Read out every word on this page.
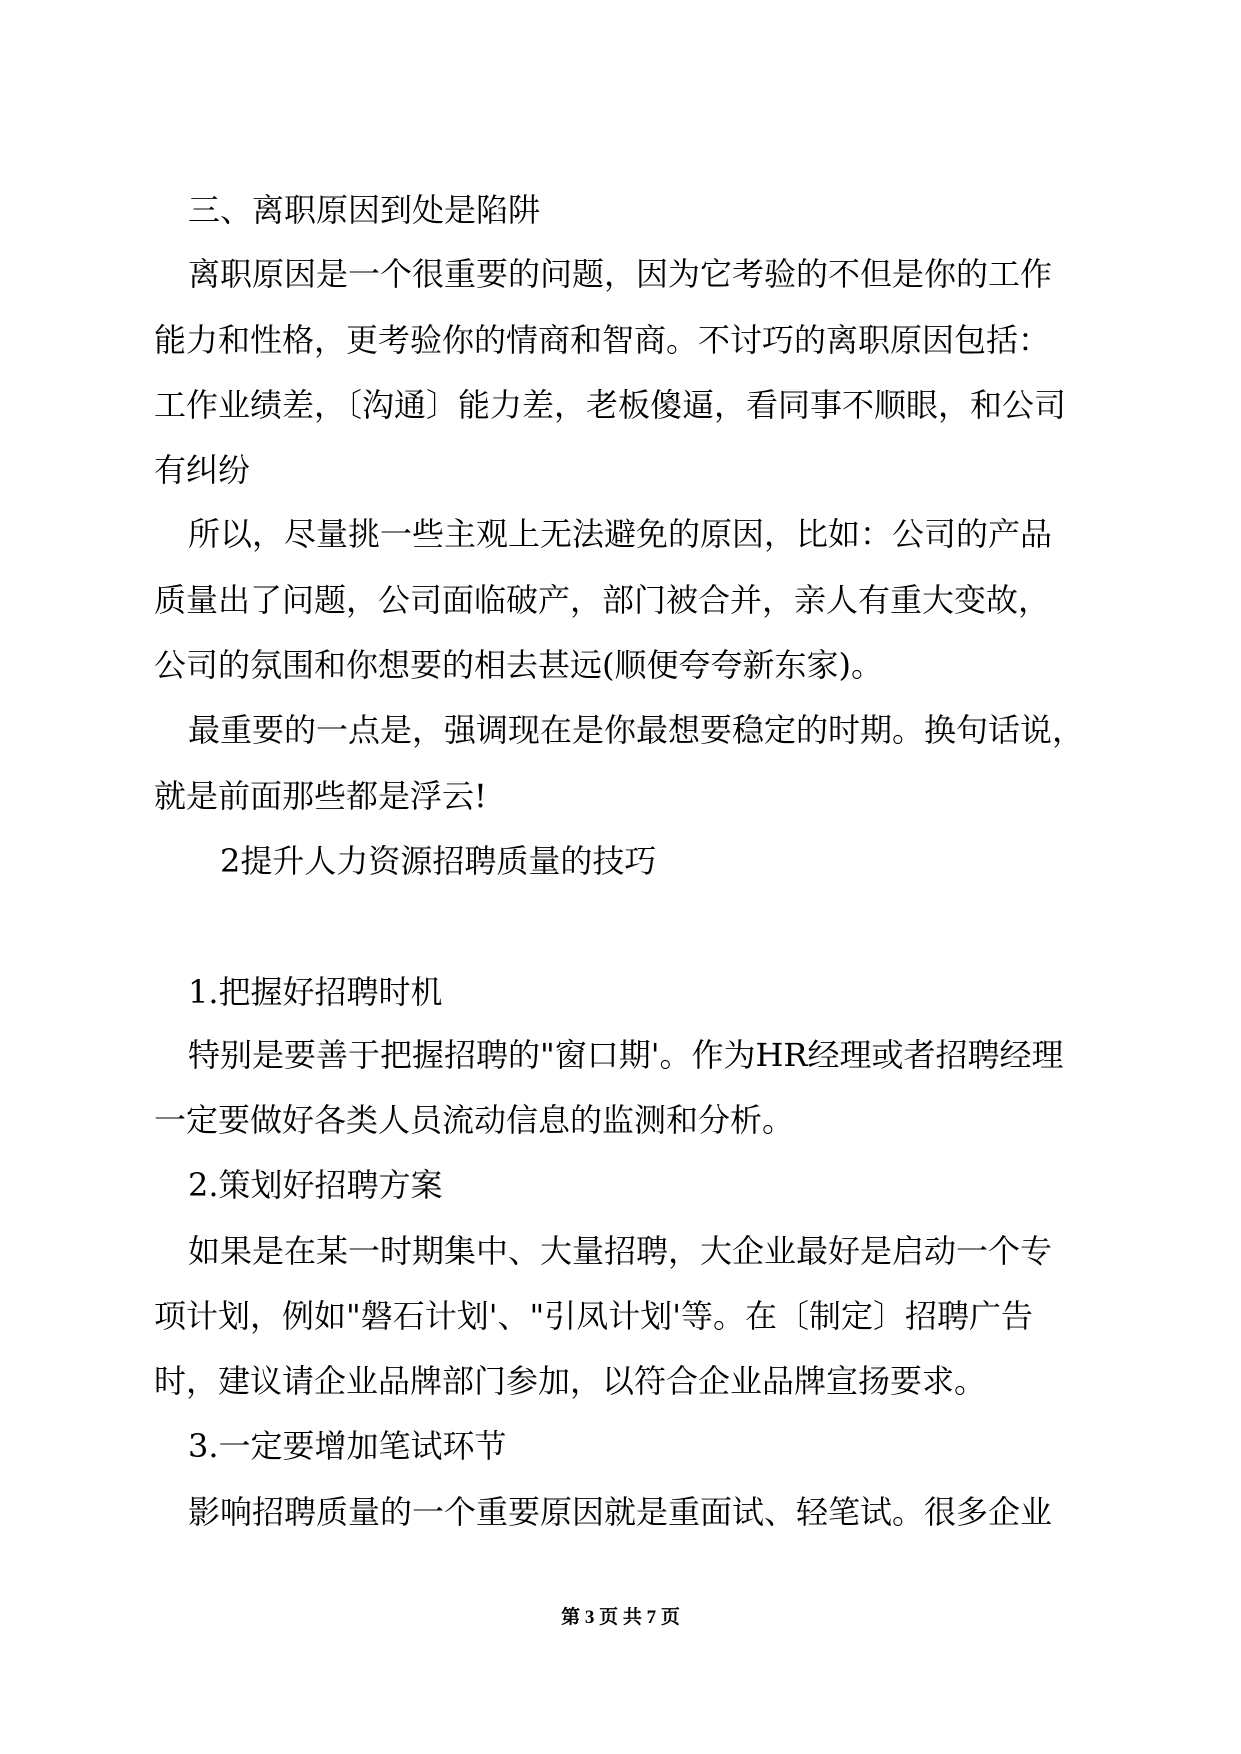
三、离职原因到处是陷阱
离职原因是一个很重要的问题，因为它考验的不但是你的工作
能力和性格，更考验你的情商和智商。不讨巧的离职原因包括：
工作业绩差，〔沟通〕能力差，老板傻逼，看同事不顺眼，和公司
有纠纷
所以，尽量挑一些主观上无法避免的原因，比如：公司的产品
质量出了问题，公司面临破产，部门被合并，亲人有重大变故，
公司的氛围和你想要的相去甚远(顺便夸夸新东家)。
最重要的一点是，强调现在是你最想要稳定的时期。换句话说，
就是前面那些都是浮云!
2提升人力资源招聘质量的技巧
1.把握好招聘时机
特别是要善于把握招聘的"窗口期'。作为HR经理或者招聘经理
一定要做好各类人员流动信息的监测和分析。
2.策划好招聘方案
如果是在某一时期集中、大量招聘，大企业最好是启动一个专
项计划，例如"磐石计划'、"引凤计划'等。在〔制定〕招聘广告
时，建议请企业品牌部门参加，以符合企业品牌宣扬要求。
3.一定要增加笔试环节
影响招聘质量的一个重要原因就是重面试、轻笔试。很多企业
第 3 页 共 7 页
